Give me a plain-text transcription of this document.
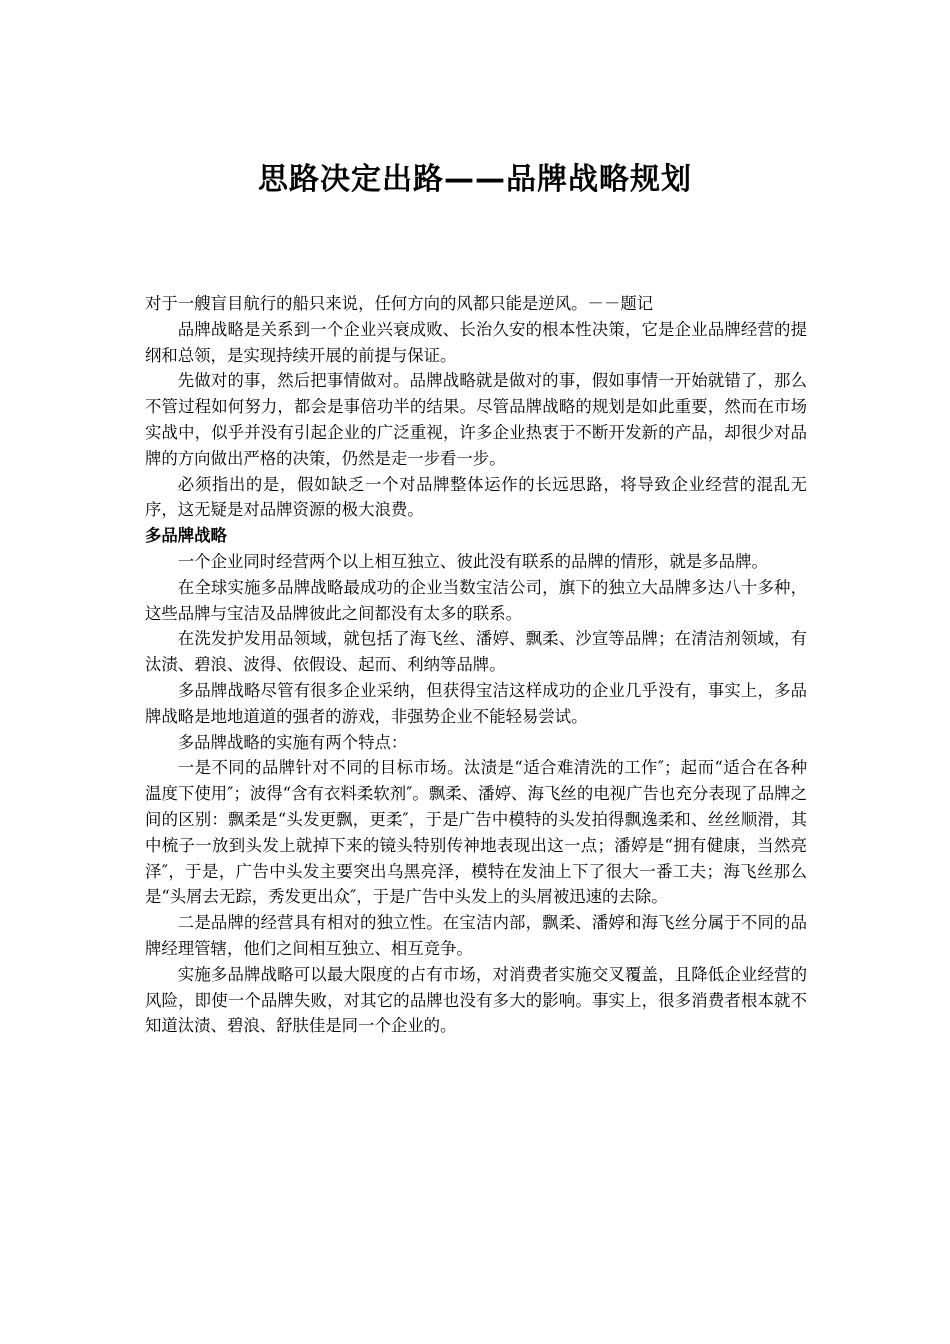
思路决定出路——品牌战略规划

对于一艘盲目航行的船只来说，任何方向的风都只能是逆风。－－题记

品牌战略是关系到一个企业兴衰成败、长治久安的根本性决策，它是企业品牌经营的提纲和总领，是实现持续开展的前提与保证。

先做对的事，然后把事情做对。品牌战略就是做对的事，假如事情一开始就错了，那么不管过程如何努力，都会是事倍功半的结果。尽管品牌战略的规划是如此重要，然而在市场实战中，似乎并没有引起企业的广泛重视，许多企业热衷于不断开发新的产品，却很少对品牌的方向做出严格的决策，仍然是走一步看一步。

必须指出的是，假如缺乏一个对品牌整体运作的长远思路，将导致企业经营的混乱无序，这无疑是对品牌资源的极大浪费。

多品牌战略

一个企业同时经营两个以上相互独立、彼此没有联系的品牌的情形，就是多品牌。

在全球实施多品牌战略最成功的企业当数宝洁公司，旗下的独立大品牌多达八十多种，这些品牌与宝洁及品牌彼此之间都没有太多的联系。

在洗发护发用品领域，就包括了海飞丝、潘婷、飘柔、沙宣等品牌；在清洁剂领域，有汰渍、碧浪、波得、依假设、起而、利纳等品牌。

多品牌战略尽管有很多企业采纳，但获得宝洁这样成功的企业几乎没有，事实上，多品牌战略是地地道道的强者的游戏，非强势企业不能轻易尝试。

多品牌战略的实施有两个特点：

一是不同的品牌针对不同的目标市场。汰渍是“适合难清洗的工作″；起而“适合在各种温度下使用″；波得“含有衣料柔软剂″。飘柔、潘婷、海飞丝的电视广告也充分表现了品牌之间的区别：飘柔是“头发更飘，更柔″，于是广告中模特的头发拍得飘逸柔和、丝丝顺滑，其中梳子一放到头发上就掉下来的镜头特别传神地表现出这一点；潘婷是“拥有健康，当然亮泽″，于是，广告中头发主要突出乌黑亮泽，模特在发油上下了很大一番工夫；海飞丝那么是“头屑去无踪，秀发更出众″，于是广告中头发上的头屑被迅速的去除。

二是品牌的经营具有相对的独立性。在宝洁内部，飘柔、潘婷和海飞丝分属于不同的品牌经理管辖，他们之间相互独立、相互竞争。

实施多品牌战略可以最大限度的占有市场，对消费者实施交叉覆盖，且降低企业经营的风险，即使一个品牌失败，对其它的品牌也没有多大的影响。事实上，很多消费者根本就不知道汰渍、碧浪、舒肤佳是同一个企业的。
